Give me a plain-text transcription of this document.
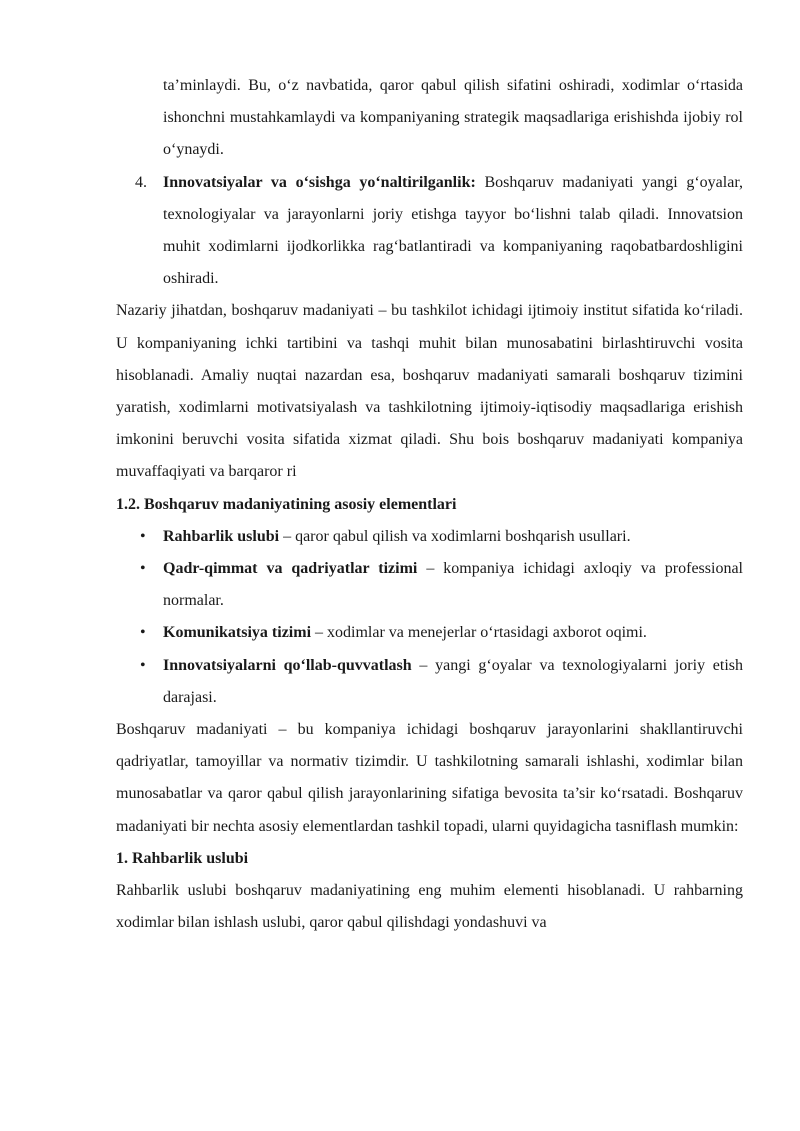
ta’minlaydi. Bu, o‘z navbatida, qaror qabul qilish sifatini oshiradi, xodimlar o‘rtasida ishonchni mustahkamlaydi va kompaniyaning strategik maqsadlariga erishishda ijobiy rol o‘ynaydi.

4. Innovatsiyalar va o‘sishga yo‘naltirilganlik: Boshqaruv madaniyati yangi g‘oyalar, texnologiyalar va jarayonlarni joriy etishga tayyor bo‘lishni talab qiladi. Innovatsion muhit xodimlarni ijodkorlikka rag‘batlantiradi va kompaniyaning raqobatbardoshligini oshiradi.

Nazariy jihatdan, boshqaruv madaniyati – bu tashkilot ichidagi ijtimoiy institut sifatida ko‘riladi. U kompaniyaning ichki tartibini va tashqi muhit bilan munosabatini birlashtiruvchi vosita hisoblanadi. Amaliy nuqtai nazardan esa, boshqaruv madaniyati samarali boshqaruv tizimini yaratish, xodimlarni motivatsiyalash va tashkilotning ijtimoiy-iqtisodiy maqsadlariga erishish imkonini beruvchi vosita sifatida xizmat qiladi. Shu bois boshqaruv madaniyati kompaniya muvaffaqiyati va barqaror ri

1.2. Boshqaruv madaniyatining asosiy elementlari
• Rahbarlik uslubi – qaror qabul qilish va xodimlarni boshqarish usullari.
• Qadr-qimmat va qadriyatlar tizimi – kompaniya ichidagi axloqiy va professional normalar.
• Komunikatsiya tizimi – xodimlar va menejerlar o‘rtasidagi axborot oqimi.
• Innovatsiyalarni qo‘llab-quvvatlash – yangi g‘oyalar va texnologiyalarni joriy etish darajasi.

Boshqaruv madaniyati – bu kompaniya ichidagi boshqaruv jarayonlarini shakllantiruvchi qadriyatlar, tamoyillar va normativ tizimdir. U tashkilotning samarali ishlashi, xodimlar bilan munosabatlar va qaror qabul qilish jarayonlarining sifatiga bevosita ta’sir ko‘rsatadi. Boshqaruv madaniyati bir nechta asosiy elementlardan tashkil topadi, ularni quyidagicha tasniflash mumkin:

1. Rahbarlik uslubi

Rahbarlik uslubi boshqaruv madaniyatining eng muhim elementi hisoblanadi. U rahbarning xodimlar bilan ishlash uslubi, qaror qabul qilishdagi yondashuvi va
